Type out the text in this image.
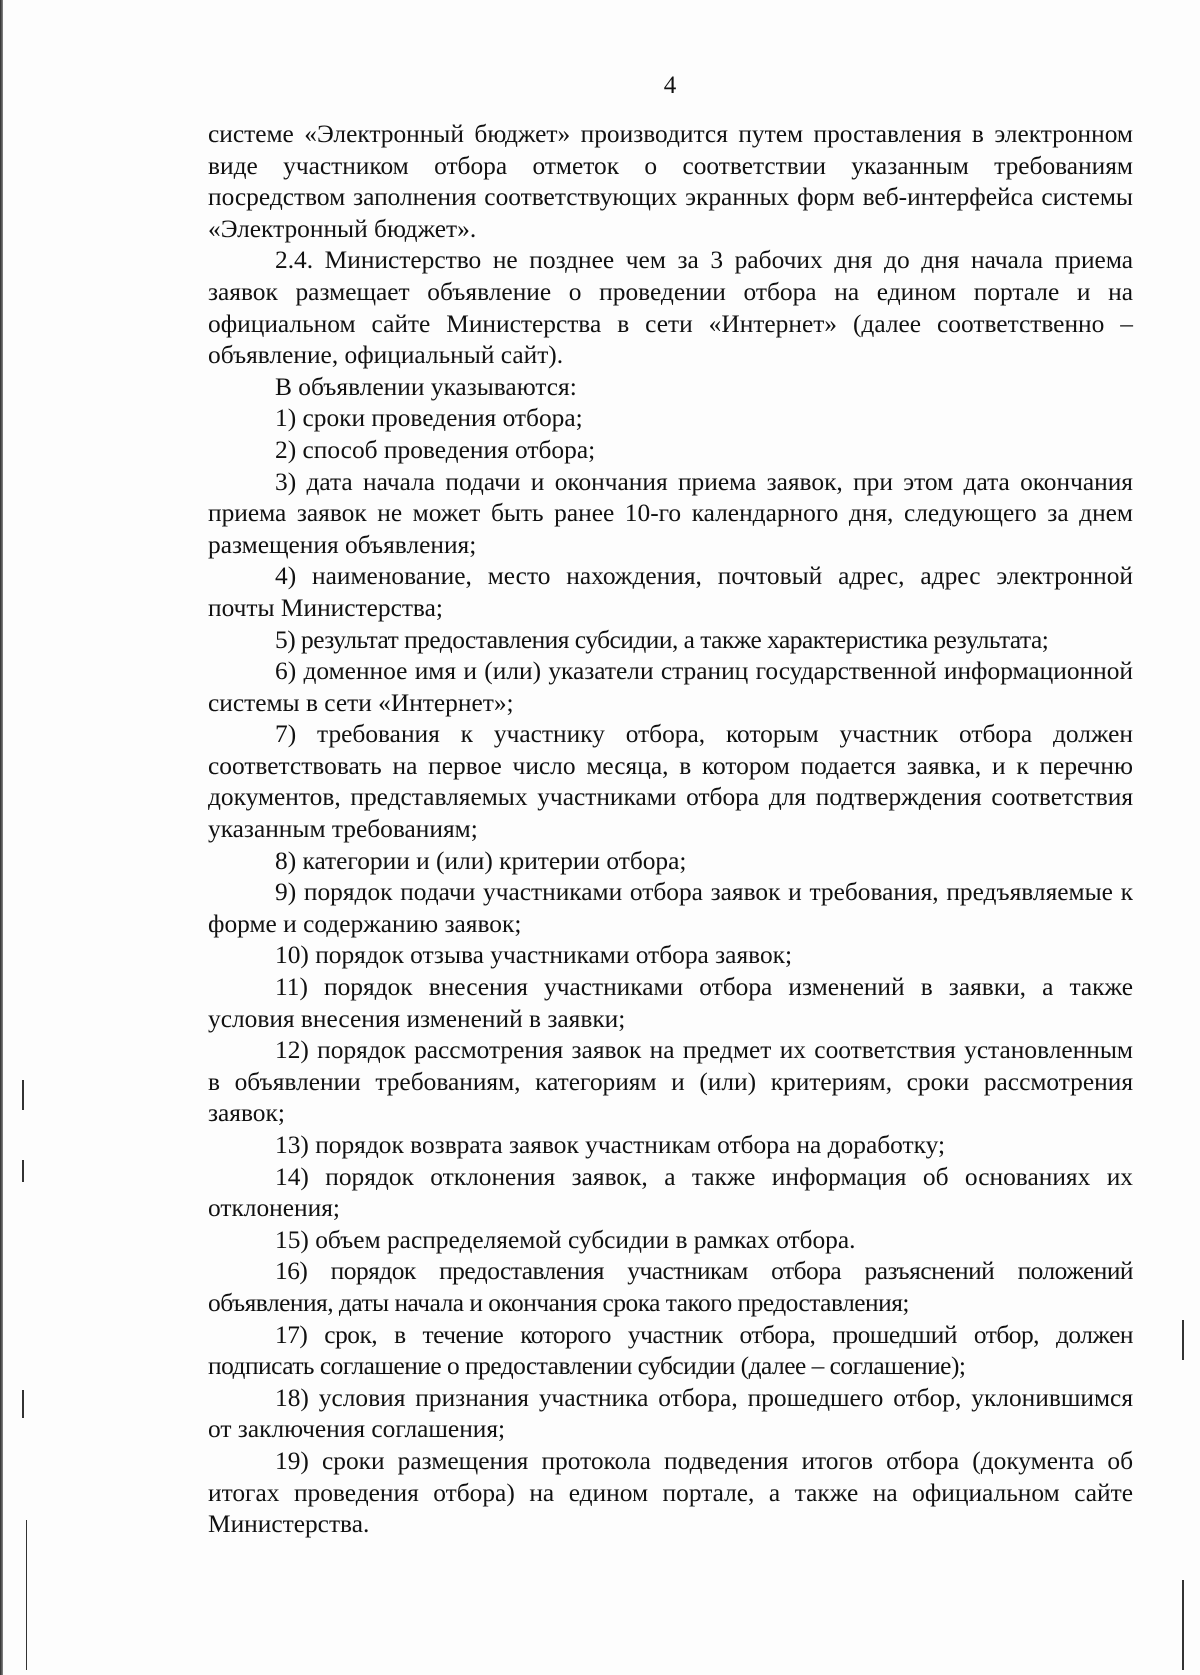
4

системе «Электронный бюджет» производится путем проставления в электронном виде участником отбора отметок о соответствии указанным требованиям посредством заполнения соответствующих экранных форм веб-интерфейса системы «Электронный бюджет».

2.4. Министерство не позднее чем за 3 рабочих дня до дня начала приема заявок размещает объявление о проведении отбора на едином портале и на официальном сайте Министерства в сети «Интернет» (далее соответственно – объявление, официальный сайт).

В объявлении указываются:

1) сроки проведения отбора;

2) способ проведения отбора;

3) дата начала подачи и окончания приема заявок, при этом дата окончания приема заявок не может быть ранее 10-го календарного дня, следующего за днем размещения объявления;

4) наименование, место нахождения, почтовый адрес, адрес электронной почты Министерства;

5) результат предоставления субсидии, а также характеристика результата;

6) доменное имя и (или) указатели страниц государственной информационной системы в сети «Интернет»;

7) требования к участнику отбора, которым участник отбора должен соответствовать на первое число месяца, в котором подается заявка, и к перечню документов, представляемых участниками отбора для подтверждения соответствия указанным требованиям;

8) категории и (или) критерии отбора;

9) порядок подачи участниками отбора заявок и требования, предъявляемые к форме и содержанию заявок;

10) порядок отзыва участниками отбора заявок;

11) порядок внесения участниками отбора изменений в заявки, а также условия внесения изменений в заявки;

12) порядок рассмотрения заявок на предмет их соответствия установленным в объявлении требованиям, категориям и (или) критериям, сроки рассмотрения заявок;

13) порядок возврата заявок участникам отбора на доработку;

14) порядок отклонения заявок, а также информация об основаниях их отклонения;

15) объем распределяемой субсидии в рамках отбора.

16) порядок предоставления участникам отбора разъяснений положений объявления, даты начала и окончания срока такого предоставления;

17) срок, в течение которого участник отбора, прошедший отбор, должен подписать соглашение о предоставлении субсидии (далее – соглашение);

18) условия признания участника отбора, прошедшего отбор, уклонившимся от заключения соглашения;

19) сроки размещения протокола подведения итогов отбора (документа об итогах проведения отбора) на едином портале, а также на официальном сайте Министерства.
